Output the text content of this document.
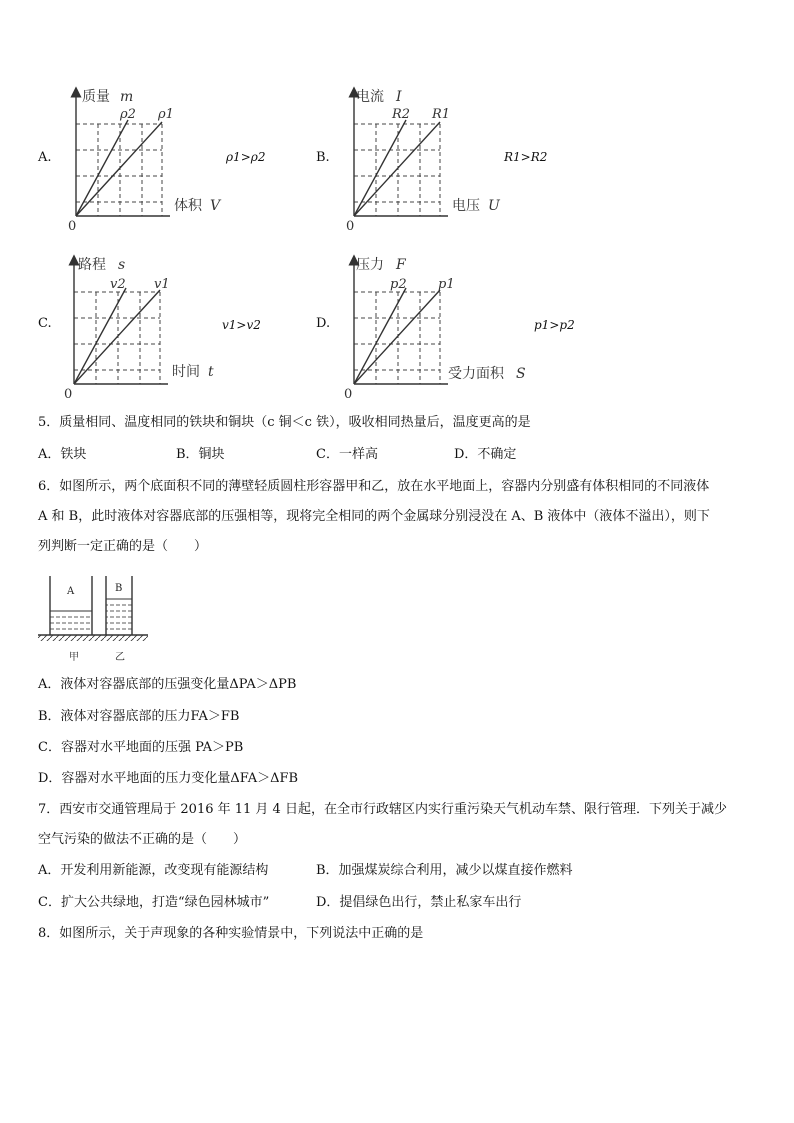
A.
质量 m
ρ2 ρ1
体积 V
0
ρ1>ρ2	B.
电流 I
R2 R1
电压 U
0
R1>R2
C.
路程 s
v2 v1
时间 t
0
v1>v2	D.
压力 F
p2 p1
受力面积 S
0
p1>p2
5．质量相同、温度相同的铁块和铜块（c 铜＜c 铁），吸收相同热量后，温度更高的是
A．铁块	B．铜块	C．一样高	D．不确定
6．如图所示，两个底面积不同的薄壁轻质圆柱形容器甲和乙，放在水平地面上，容器内分别盛有体积相同的不同液体
A 和 B，此时液体对容器底部的压强相等，现将完全相同的两个金属球分别浸没在 A、B 液体中（液体不溢出），则下
列判断一定正确的是（　　）
A	B
甲	乙
A．液体对容器底部的压强变化量ΔPA＞ΔPB
B．液体对容器底部的压力FA＞FB
C．容器对水平地面的压强 PA＞PB
D．容器对水平地面的压力变化量ΔFA＞ΔFB
7．西安市交通管理局于 2016 年 11 月 4 日起，在全市行政辖区内实行重污染天气机动车禁、限行管理．下列关于减少
空气污染的做法不正确的是（　　）
A．开发利用新能源，改变现有能源结构	B．加强煤炭综合利用，减少以煤直接作燃料
C．扩大公共绿地，打造“绿色园林城市”	D．提倡绿色出行，禁止私家车出行
8．如图所示，关于声现象的各种实验情景中，下列说法中正确的是
